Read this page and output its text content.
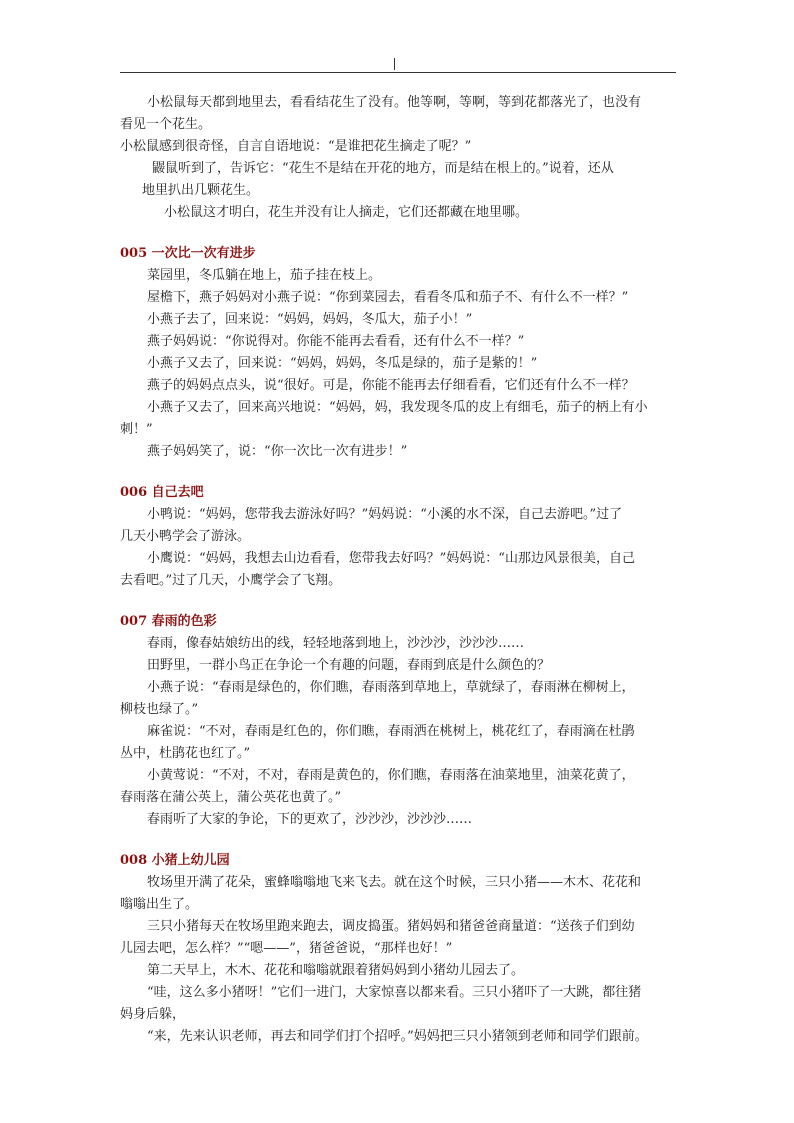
小松鼠每天都到地里去，看看结花生了没有。他等啊，等啊，等到花都落光了，也没有
看见一个花生。
小松鼠感到很奇怪，自言自语地说：“是谁把花生摘走了呢？”
鼹鼠听到了，告诉它：“花生不是结在开花的地方，而是结在根上的。”说着，还从
地里扒出几颗花生。
小松鼠这才明白，花生并没有让人摘走，它们还都藏在地里哪。
005 一次比一次有进步
菜园里，冬瓜躺在地上，茄子挂在枝上。
屋檐下，燕子妈妈对小燕子说：“你到菜园去，看看冬瓜和茄子不、有什么不一样？”
小燕子去了，回来说：“妈妈，妈妈，冬瓜大，茄子小！”
燕子妈妈说：“你说得对。你能不能再去看看，还有什么不一样？”
小燕子又去了，回来说：“妈妈，妈妈，冬瓜是绿的，茄子是紫的！”
燕子的妈妈点点头，说“很好。可是，你能不能再去仔细看看，它们还有什么不一样？
小燕子又去了，回来高兴地说：“妈妈，妈，我发现冬瓜的皮上有细毛，茄子的柄上有小
刺！”
燕子妈妈笑了，说：“你一次比一次有进步！”
006 自己去吧
小鸭说：“妈妈，您带我去游泳好吗？”妈妈说：“小溪的水不深，自己去游吧。”过了
几天小鸭学会了游泳。
小鹰说：“妈妈，我想去山边看看，您带我去好吗？”妈妈说：“山那边风景很美，自己
去看吧。”过了几天，小鹰学会了飞翔。
007 春雨的色彩
春雨，像春姑娘纺出的线，轻轻地落到地上，沙沙沙，沙沙沙……
田野里，一群小鸟正在争论一个有趣的问题，春雨到底是什么颜色的？
小燕子说：“春雨是绿色的，你们瞧，春雨落到草地上，草就绿了，春雨淋在柳树上，
柳枝也绿了。”
麻雀说：“不对，春雨是红色的，你们瞧，春雨洒在桃树上，桃花红了，春雨滴在杜鹃
丛中，杜鹃花也红了。”
小黄莺说：“不对，不对，春雨是黄色的，你们瞧，春雨落在油菜地里，油菜花黄了，
春雨落在蒲公英上，蒲公英花也黄了。”
春雨听了大家的争论，下的更欢了，沙沙沙，沙沙沙……
008 小猪上幼儿园
牧场里开满了花朵，蜜蜂嗡嗡地飞来飞去。就在这个时候，三只小猪——木木、花花和
嗡嗡出生了。
三只小猪每天在牧场里跑来跑去，调皮捣蛋。猪妈妈和猪爸爸商量道：“送孩子们到幼
儿园去吧，怎么样？”“嗯——”，猪爸爸说，“那样也好！”
第二天早上，木木、花花和嗡嗡就跟着猪妈妈到小猪幼儿园去了。
“哇，这么多小猪呀！”它们一进门，大家惊喜以都来看。三只小猪吓了一大跳，都往猪
妈身后躲，
“来，先来认识老师，再去和同学们打个招呼。”妈妈把三只小猪领到老师和同学们跟前。
